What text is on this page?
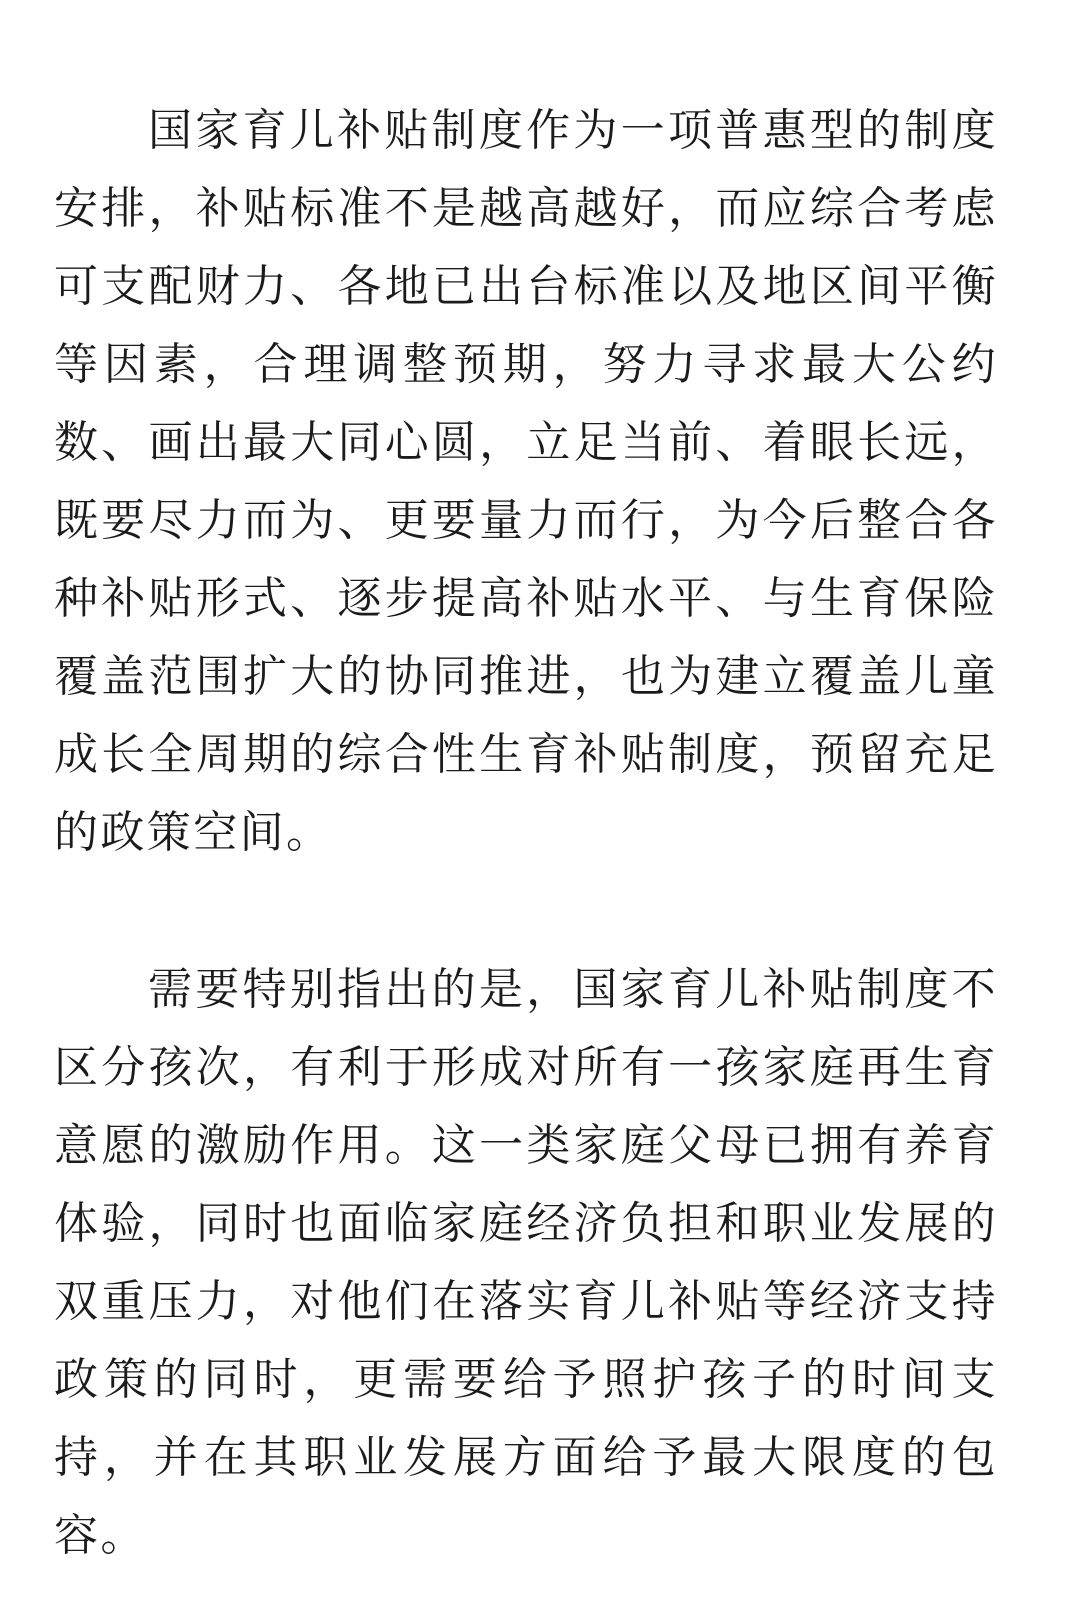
国家育儿补贴制度作为一项普惠型的制度
安排，补贴标准不是越高越好，而应综合考虑
可支配财力、各地已出台标准以及地区间平衡
等因素，合理调整预期，努力寻求最大公约
数、画出最大同心圆，立足当前、着眼长远，
既要尽力而为、更要量力而行，为今后整合各
种补贴形式、逐步提高补贴水平、与生育保险
覆盖范围扩大的协同推进，也为建立覆盖儿童
成长全周期的综合性生育补贴制度，预留充足
的政策空间。
需要特别指出的是，国家育儿补贴制度不
区分孩次，有利于形成对所有一孩家庭再生育
意愿的激励作用。这一类家庭父母已拥有养育
体验，同时也面临家庭经济负担和职业发展的
双重压力，对他们在落实育儿补贴等经济支持
政策的同时，更需要给予照护孩子的时间支
持，并在其职业发展方面给予最大限度的包
容。
